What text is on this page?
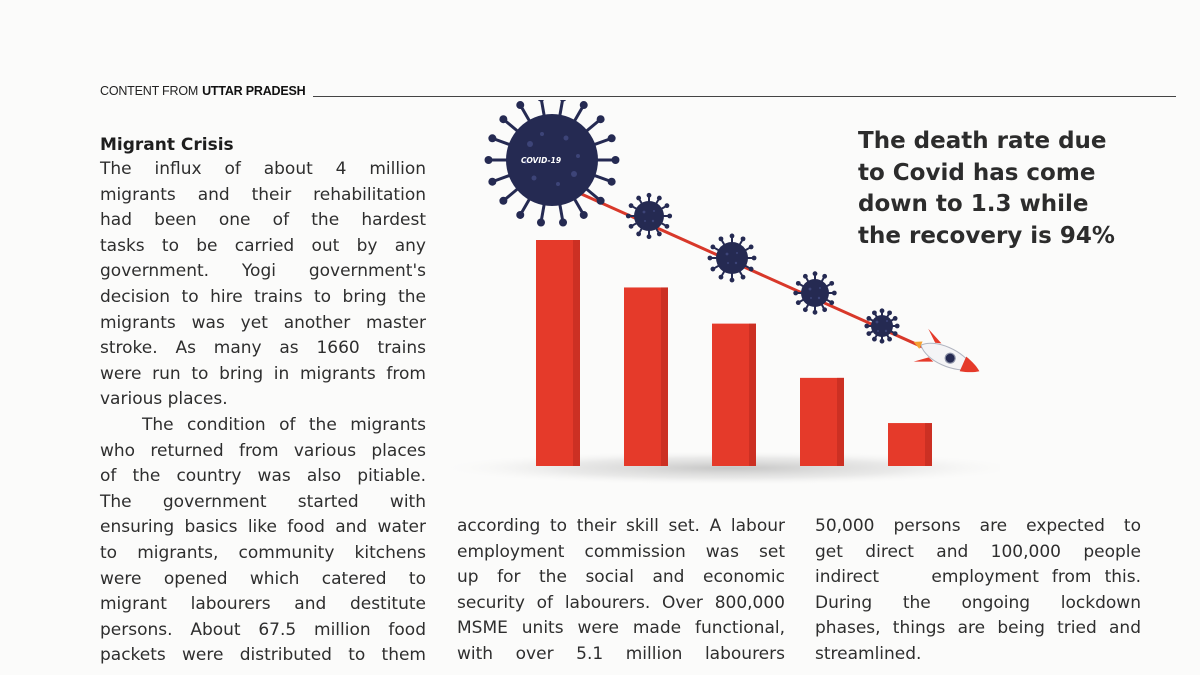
CONTENT FROM UTTAR PRADESH
Migrant Crisis

The influx of about 4 million

migrants and their rehabilitation

had been one of the hardest

tasks to be carried out by any

government. Yogi government's

decision to hire trains to bring the

migrants was yet another master

stroke. As many as 1660 trains

were run to bring in migrants from

various places.

The condition of the migrants

who returned from various places

of the country was also pitiable.

The government started with

ensuring basics like food and water

to migrants, community kitchens

were opened which catered to

migrant labourers and destitute

persons. About 67.5 million food

packets were distributed to them

COVID-19
The death rate due
to Covid has come
down to 1.3 while
the recovery is 94%

according to their skill set. A labour

employment commission was set

up for the social and economic

security of labourers. Over 800,000

MSME units were made functional,

with over 5.1 million labourers

50,000 persons are expected to

get direct and 100,000 people

indirect    employment from this.

During the ongoing lockdown

phases, things are being tried and

streamlined.
